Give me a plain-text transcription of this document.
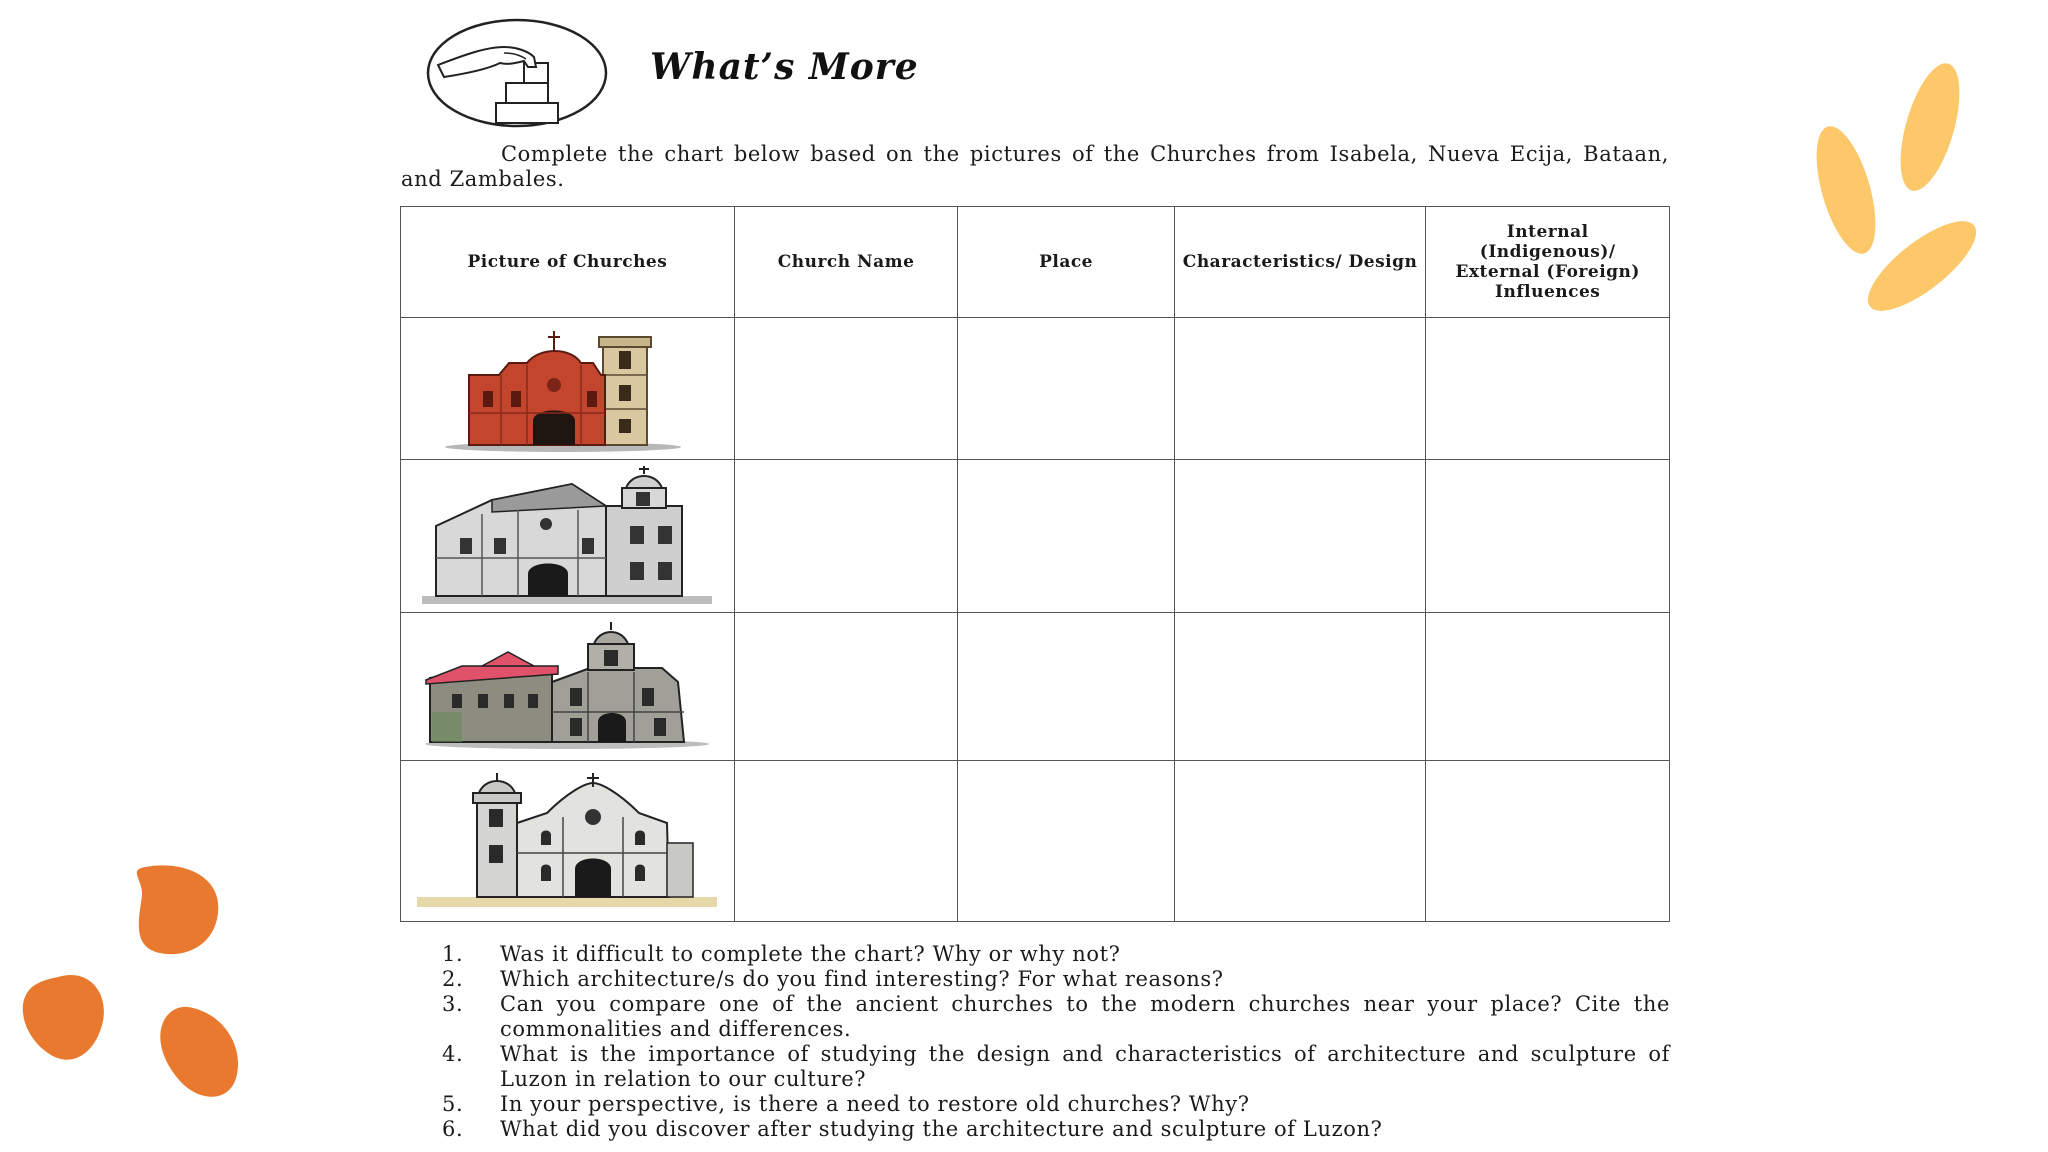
What’s More

Complete the chart below based on the pictures of the Churches from Isabela, Nueva Ecija, Bataan, and Zambales.

Picture of Churches	Church Name	Place	Characteristics/ Design	Internal (Indigenous)/ External (Foreign) Influences

1.	Was it difficult to complete the chart? Why or why not?
2.	Which architecture/s do you find interesting? For what reasons?
3.	Can you compare one of the ancient churches to the modern churches near your place? Cite the commonalities and differences.
4.	What is the importance of studying the design and characteristics of architecture and sculpture of Luzon in relation to our culture?
5.	In your perspective, is there a need to restore old churches? Why?
6.	What did you discover after studying the architecture and sculpture of Luzon?
